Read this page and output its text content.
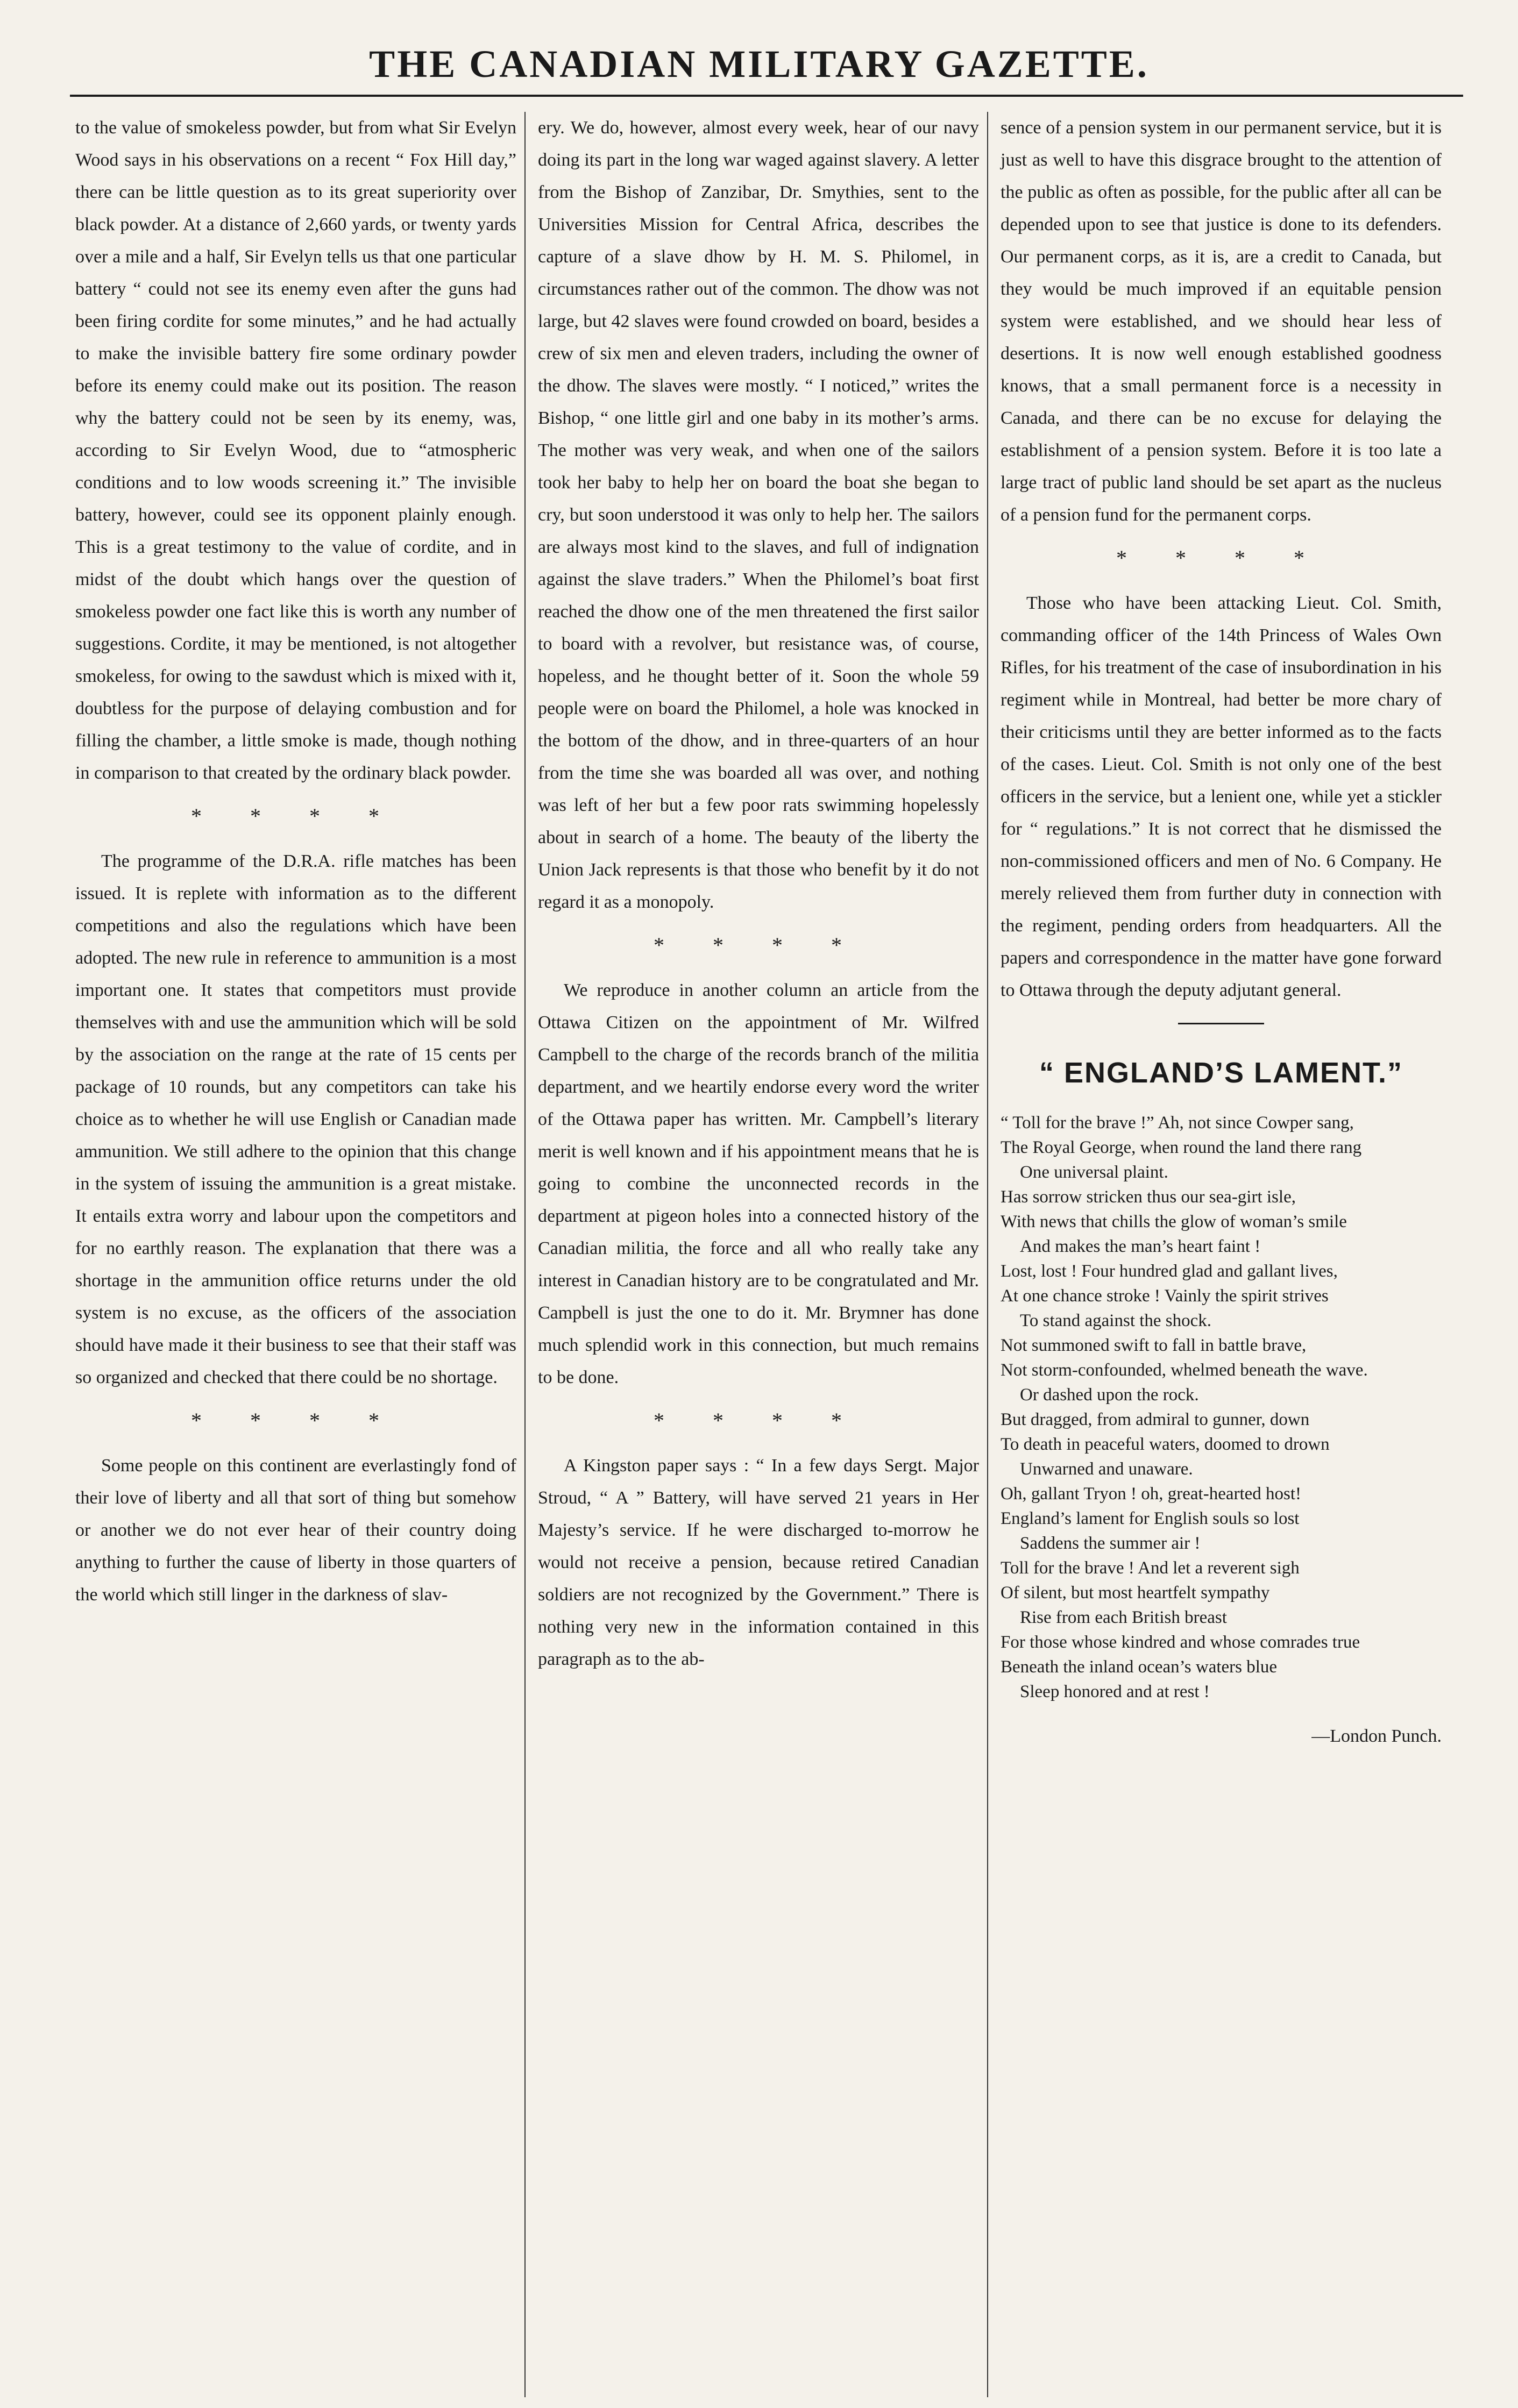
THE CANADIAN MILITARY GAZETTE.

to the value of smokeless powder, but from what Sir Evelyn Wood says in his observations on a recent “ Fox Hill day,” there can be little question as to its great superiority over black powder. At a distance of 2,660 yards, or twenty yards over a mile and a half, Sir Evelyn tells us that one particular battery “ could not see its enemy even after the guns had been firing cordite for some minutes,” and he had actually to make the invisible battery fire some ordinary powder before its enemy could make out its position. The reason why the battery could not be seen by its enemy, was, according to Sir Evelyn Wood, due to “atmospheric conditions and to low woods screening it.” The invisible battery, however, could see its opponent plainly enough. This is a great testimony to the value of cordite, and in midst of the doubt which hangs over the question of smokeless powder one fact like this is worth any number of suggestions. Cordite, it may be mentioned, is not altogether smokeless, for owing to the sawdust which is mixed with it, doubtless for the purpose of delaying combustion and for filling the chamber, a little smoke is made, though nothing in comparison to that created by the ordinary black powder.

* * * *

The programme of the D.R.A. rifle matches has been issued. It is replete with information as to the different competitions and also the regulations which have been adopted. The new rule in reference to ammunition is a most important one. It states that competitors must provide themselves with and use the ammunition which will be sold by the association on the range at the rate of 15 cents per package of 10 rounds, but any competitors can take his choice as to whether he will use English or Canadian made ammunition. We still adhere to the opinion that this change in the system of issuing the ammunition is a great mistake. It entails extra worry and labour upon the competitors and for no earthly reason. The explanation that there was a shortage in the ammunition office returns under the old system is no excuse, as the officers of the association should have made it their business to see that their staff was so organized and checked that there could be no shortage.

* * * *

Some people on this continent are everlastingly fond of their love of liberty and all that sort of thing but somehow or another we do not ever hear of their country doing anything to further the cause of liberty in those quarters of the world which still linger in the darkness of slav-

ery. We do, however, almost every week, hear of our navy doing its part in the long war waged against slavery. A letter from the Bishop of Zanzibar, Dr. Smythies, sent to the Universities Mission for Central Africa, describes the capture of a slave dhow by H. M. S. Philomel, in circumstances rather out of the common. The dhow was not large, but 42 slaves were found crowded on board, besides a crew of six men and eleven traders, including the owner of the dhow. The slaves were mostly. “ I noticed,” writes the Bishop, “ one little girl and one baby in its mother’s arms. The mother was very weak, and when one of the sailors took her baby to help her on board the boat she began to cry, but soon understood it was only to help her. The sailors are always most kind to the slaves, and full of indignation against the slave traders.” When the Philomel’s boat first reached the dhow one of the men threatened the first sailor to board with a revolver, but resistance was, of course, hopeless, and he thought better of it. Soon the whole 59 people were on board the Philomel, a hole was knocked in the bottom of the dhow, and in three-quarters of an hour from the time she was boarded all was over, and nothing was left of her but a few poor rats swimming hopelessly about in search of a home. The beauty of the liberty the Union Jack represents is that those who benefit by it do not regard it as a monopoly.

* * * *

We reproduce in another column an article from the Ottawa Citizen on the appointment of Mr. Wilfred Campbell to the charge of the records branch of the militia department, and we heartily endorse every word the writer of the Ottawa paper has written. Mr. Campbell’s literary merit is well known and if his appointment means that he is going to combine the unconnected records in the department at pigeon holes into a connected history of the Canadian militia, the force and all who really take any interest in Canadian history are to be congratulated and Mr. Campbell is just the one to do it. Mr. Brymner has done much splendid work in this connection, but much remains to be done.

* * * *

A Kingston paper says : “ In a few days Sergt. Major Stroud, “ A ” Battery, will have served 21 years in Her Majesty’s service. If he were discharged to-morrow he would not receive a pension, because retired Canadian soldiers are not recognized by the Government.” There is nothing very new in the information contained in this paragraph as to the ab-

sence of a pension system in our permanent service, but it is just as well to have this disgrace brought to the attention of the public as often as possible, for the public after all can be depended upon to see that justice is done to its defenders. Our permanent corps, as it is, are a credit to Canada, but they would be much improved if an equitable pension system were established, and we should hear less of desertions. It is now well enough established goodness knows, that a small permanent force is a necessity in Canada, and there can be no excuse for delaying the establishment of a pension system. Before it is too late a large tract of public land should be set apart as the nucleus of a pension fund for the permanent corps.

* * * *

Those who have been attacking Lieut. Col. Smith, commanding officer of the 14th Princess of Wales Own Rifles, for his treatment of the case of insubordination in his regiment while in Montreal, had better be more chary of their criticisms until they are better informed as to the facts of the cases. Lieut. Col. Smith is not only one of the best officers in the service, but a lenient one, while yet a stickler for “ regulations.” It is not correct that he dismissed the non-commissioned officers and men of No. 6 Company. He merely relieved them from further duty in connection with the regiment, pending orders from headquarters. All the papers and correspondence in the matter have gone forward to Ottawa through the deputy adjutant general.

“ ENGLAND’S LAMENT.”
“ Toll for the brave !” Ah, not since Cowper sang,
The Royal George, when round the land there rang
One universal plaint.
Has sorrow stricken thus our sea-girt isle,
With news that chills the glow of woman’s smile
And makes the man’s heart faint !
Lost, lost ! Four hundred glad and gallant lives,
At one chance stroke ! Vainly the spirit strives
To stand against the shock.
Not summoned swift to fall in battle brave,
Not storm-confounded, whelmed beneath the wave.
Or dashed upon the rock.
But dragged, from admiral to gunner, down
To death in peaceful waters, doomed to drown
Unwarned and unaware.
Oh, gallant Tryon ! oh, great-hearted host!
England’s lament for English souls so lost
Saddens the summer air !
Toll for the brave ! And let a reverent sigh
Of silent, but most heartfelt sympathy
Rise from each British breast
For those whose kindred and whose comrades true
Beneath the inland ocean’s waters blue
Sleep honored and at rest !
—London Punch.
